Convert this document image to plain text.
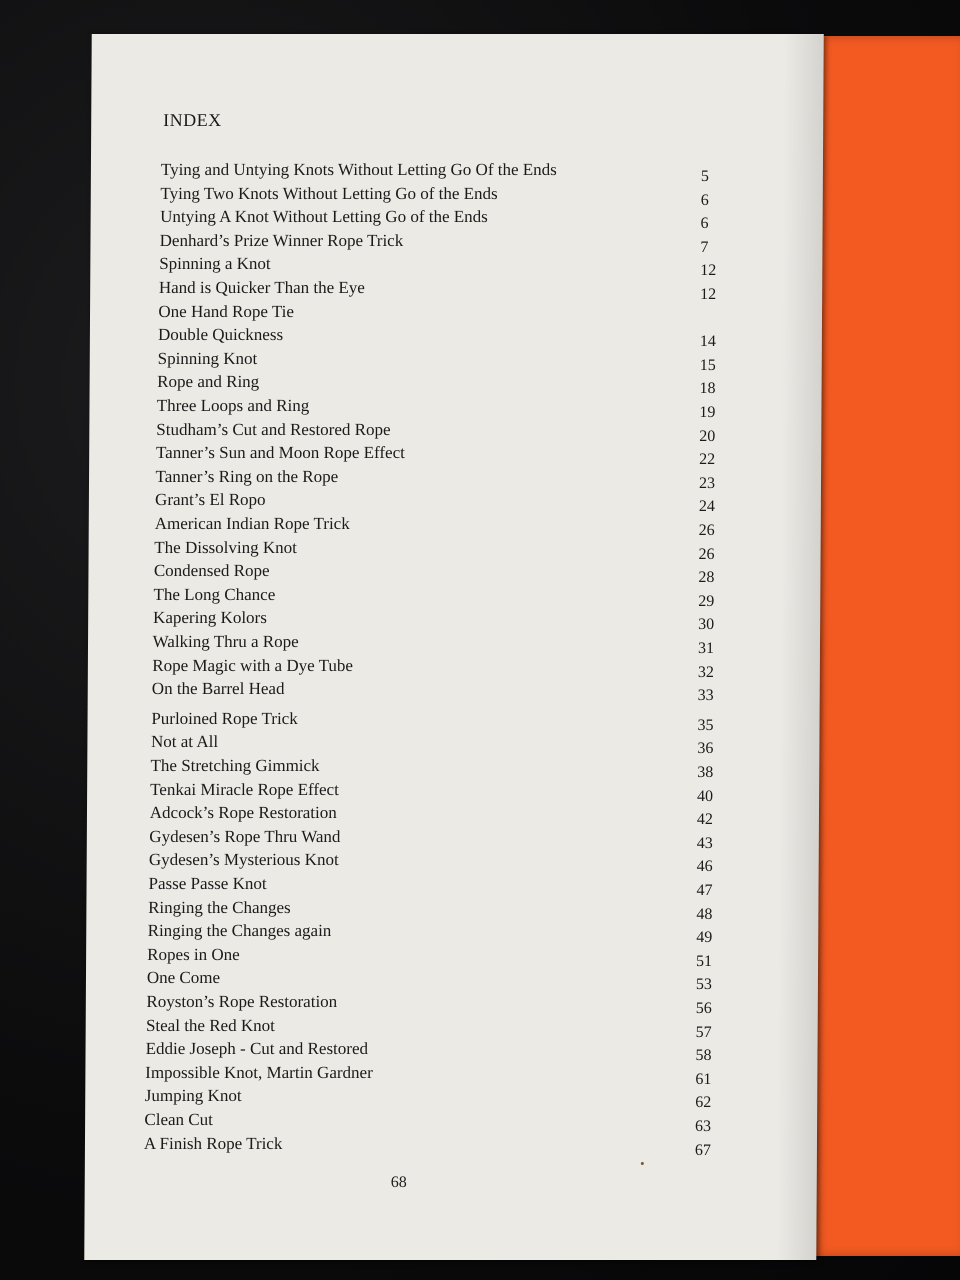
INDEX
Tying and Untying Knots Without Letting Go Of the Ends	5
Tying Two Knots Without Letting Go of the Ends	6
Untying A Knot Without Letting Go of the Ends	6
Denhard’s Prize Winner Rope Trick	7
Spinning a Knot	12
Hand is Quicker Than the Eye	12
One Hand Rope Tie
Double Quickness	14
Spinning Knot	15
Rope and Ring	18
Three Loops and Ring	19
Studham’s Cut and Restored Rope	20
Tanner’s Sun and Moon Rope Effect	22
Tanner’s Ring on the Rope	23
Grant’s El Ropo	24
American Indian Rope Trick	26
The Dissolving Knot	26
Condensed Rope	28
The Long Chance	29
Kapering Kolors	30
Walking Thru a Rope	31
Rope Magic with a Dye Tube	32
On the Barrel Head	33
Purloined Rope Trick	35
Not at All	36
The Stretching Gimmick	38
Tenkai Miracle Rope Effect	40
Adcock’s Rope Restoration	42
Gydesen’s Rope Thru Wand	43
Gydesen’s Mysterious Knot	46
Passe Passe Knot	47
Ringing the Changes	48
Ringing the Changes again	49
Ropes in One	51
One Come	53
Royston’s Rope Restoration	56
Steal the Red Knot	57
Eddie Joseph - Cut and Restored	58
Impossible Knot, Martin Gardner	61
Jumping Knot	62
Clean Cut	63
A Finish Rope Trick	67
68
